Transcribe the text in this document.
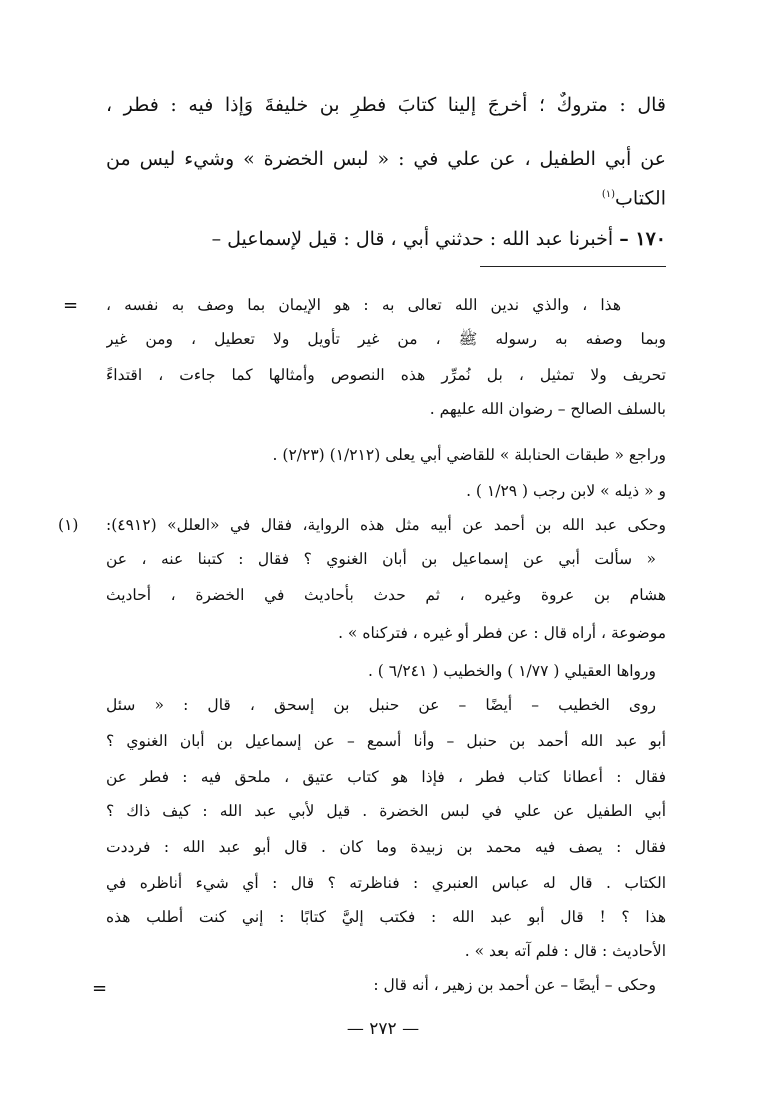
قال : متروكٌ ؛ أخرجَ إلينا كتابَ فطرِ بن خليفةَ وَإذا فيه : فطر ،
عن أبي الطفيل ، عن علي في : « لبس الخضرة » وشيء ليس من
الكتاب$^{(١)}$
١٧٠ – أخبرنا عبد الله : حدثني أبي ، قال : قيل لإسماعيل –
= هذا ، والذي ندين الله تعالى به : هو الإيمان بما وصف به نفسه ،
وبما وصفه به رسوله ﷺ ، من غير تأويل ولا تعطيل ، ومن غير
تحريف ولا تمثيل ، بل نُمرِّر هذه النصوص وأمثالها كما جاءت ، اقتداءً
بالسلف الصالح – رضوان الله عليهم .
وراجع « طبقات الحنابلة » للقاضي أبي يعلى (١/٢١٢) (٢/٢٣) .
و « ذيله » لابن رجب ( ١/٢٩ ) .
(١) وحكى عبد الله بن أحمد عن أبيه مثل هذه الرواية، فقال في «العلل» (٤٩١٢):
« سألت أبي عن إسماعيل بن أبان الغنوي ؟ فقال : كتبنا عنه ، عن
هشام بن عروة وغيره ، ثم حدث بأحاديث في الخضرة ، أحاديث
موضوعة ، أراه قال : عن فطر أو غيره ، فتركناه » .
ورواها العقيلي ( ١/٧٧ ) والخطيب ( ٦/٢٤١ ) .
روى الخطيب – أيضًا – عن حنبل بن إسحق ، قال : « سئل
أبو عبد الله أحمد بن حنبل – وأنا أسمع – عن إسماعيل بن أبان الغنوي ؟
فقال : أعطانا كتاب فطر ، فإذا هو كتاب عتيق ، ملحق فيه : فطر عن
أبي الطفيل عن علي في لبس الخضرة . قيل لأبي عبد الله : كيف ذاك ؟
فقال : يصف فيه محمد بن زبيدة وما كان . قال أبو عبد الله : فرددت
الكتاب . قال له عباس العنبري : فناظرته ؟ قال : أي شيء أناظره في
هذا ؟ ! قال أبو عبد الله : فكتب إليَّ كتابًا : إني كنت أطلب هذه
الأحاديث : قال : فلم آته بعد » .
وحكى – أيضًا – عن أحمد بن زهير ، أنه قال :
=
— ٢٧٢ —
